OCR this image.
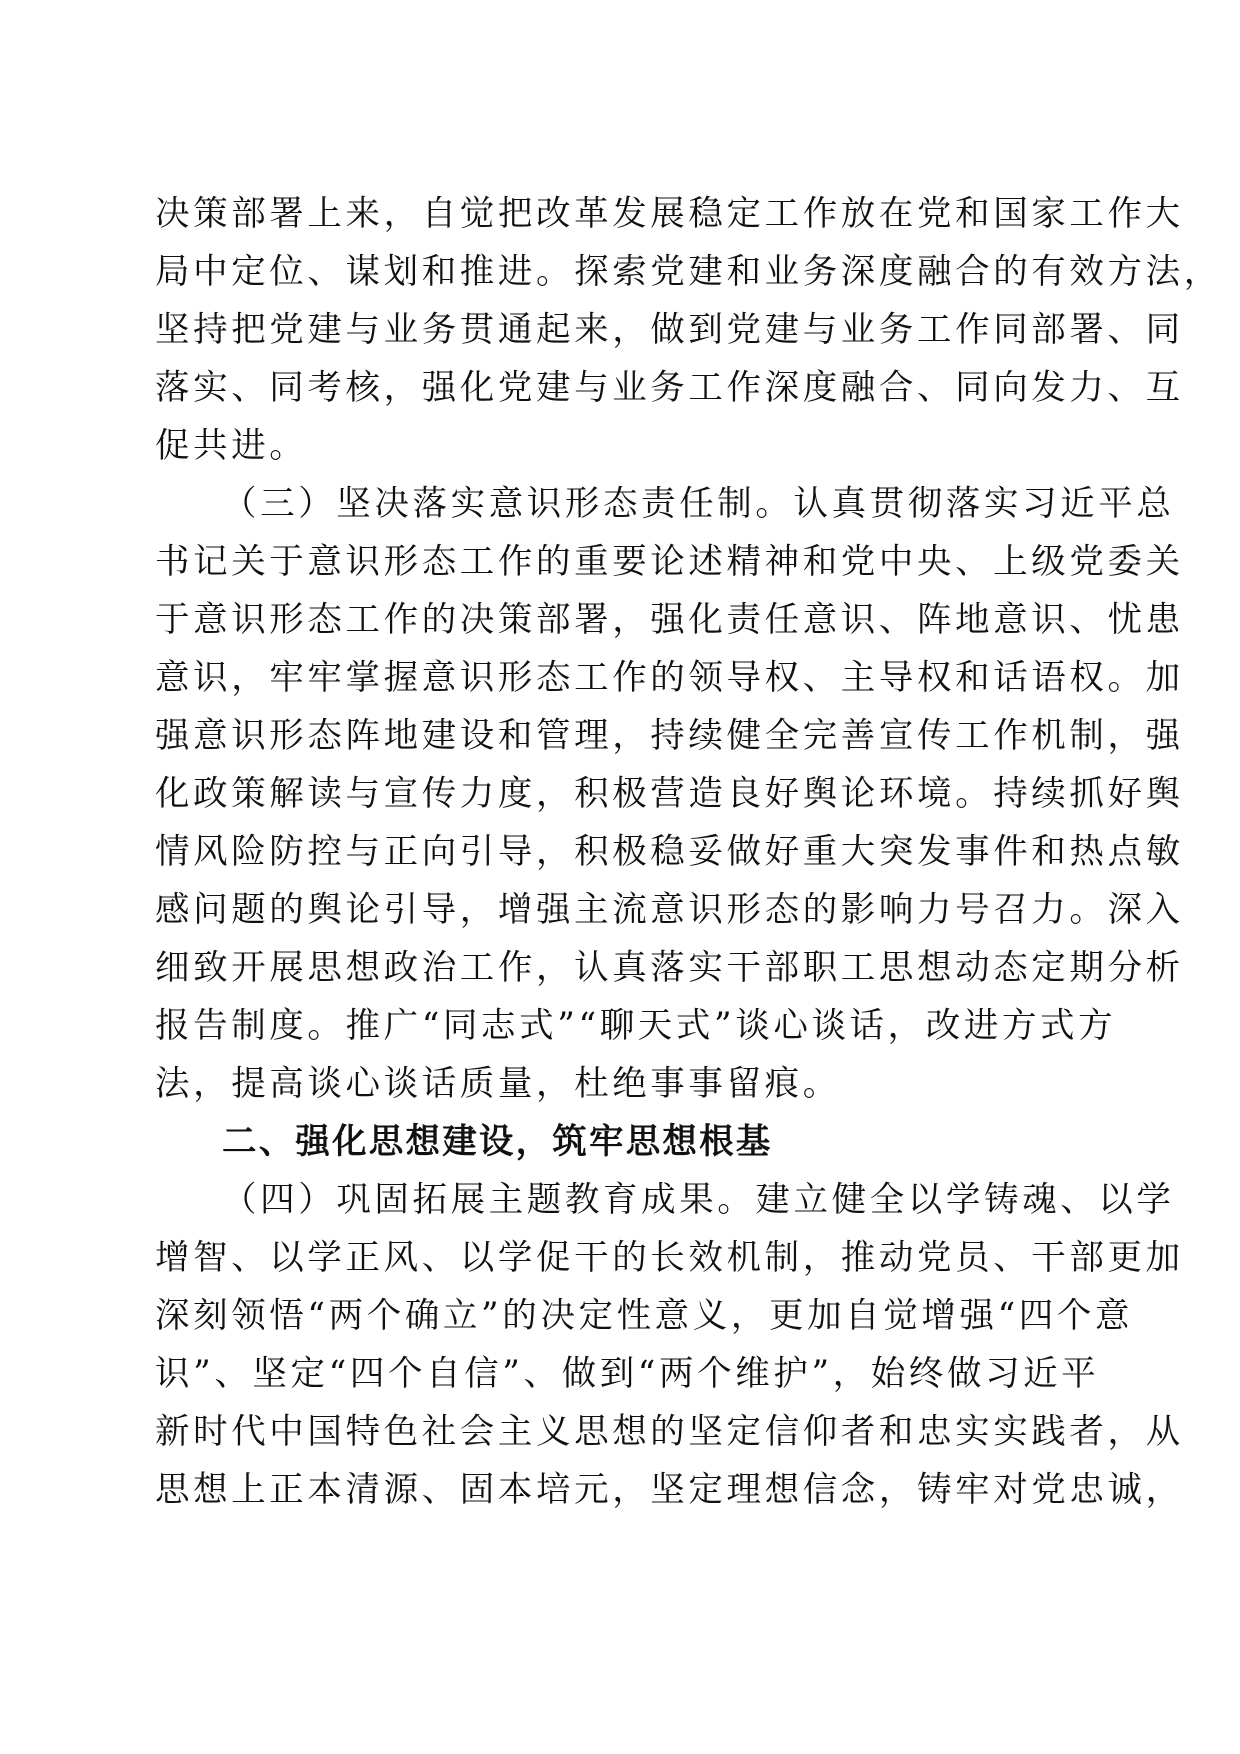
决策部署上来，自觉把改革发展稳定工作放在党和国家工作大
局中定位、谋划和推进。探索党建和业务深度融合的有效方法，
坚持把党建与业务贯通起来，做到党建与业务工作同部署、同
落实、同考核，强化党建与业务工作深度融合、同向发力、互
促共进。
（三）坚决落实意识形态责任制。认真贯彻落实习近平总
书记关于意识形态工作的重要论述精神和党中央、上级党委关
于意识形态工作的决策部署，强化责任意识、阵地意识、忧患
意识，牢牢掌握意识形态工作的领导权、主导权和话语权。加
强意识形态阵地建设和管理，持续健全完善宣传工作机制，强
化政策解读与宣传力度，积极营造良好舆论环境。持续抓好舆
情风险防控与正向引导，积极稳妥做好重大突发事件和热点敏
感问题的舆论引导，增强主流意识形态的影响力号召力。深入
细致开展思想政治工作，认真落实干部职工思想动态定期分析
报告制度。推广“同志式”“聊天式”谈心谈话，改进方式方
法，提高谈心谈话质量，杜绝事事留痕。
二、强化思想建设，筑牢思想根基
（四）巩固拓展主题教育成果。建立健全以学铸魂、以学
增智、以学正风、以学促干的长效机制，推动党员、干部更加
深刻领悟“两个确立”的决定性意义，更加自觉增强“四个意
识”、坚定“四个自信”、做到“两个维护”，始终做习近平
新时代中国特色社会主义思想的坚定信仰者和忠实实践者，从
思想上正本清源、固本培元，坚定理想信念，铸牢对党忠诚，
